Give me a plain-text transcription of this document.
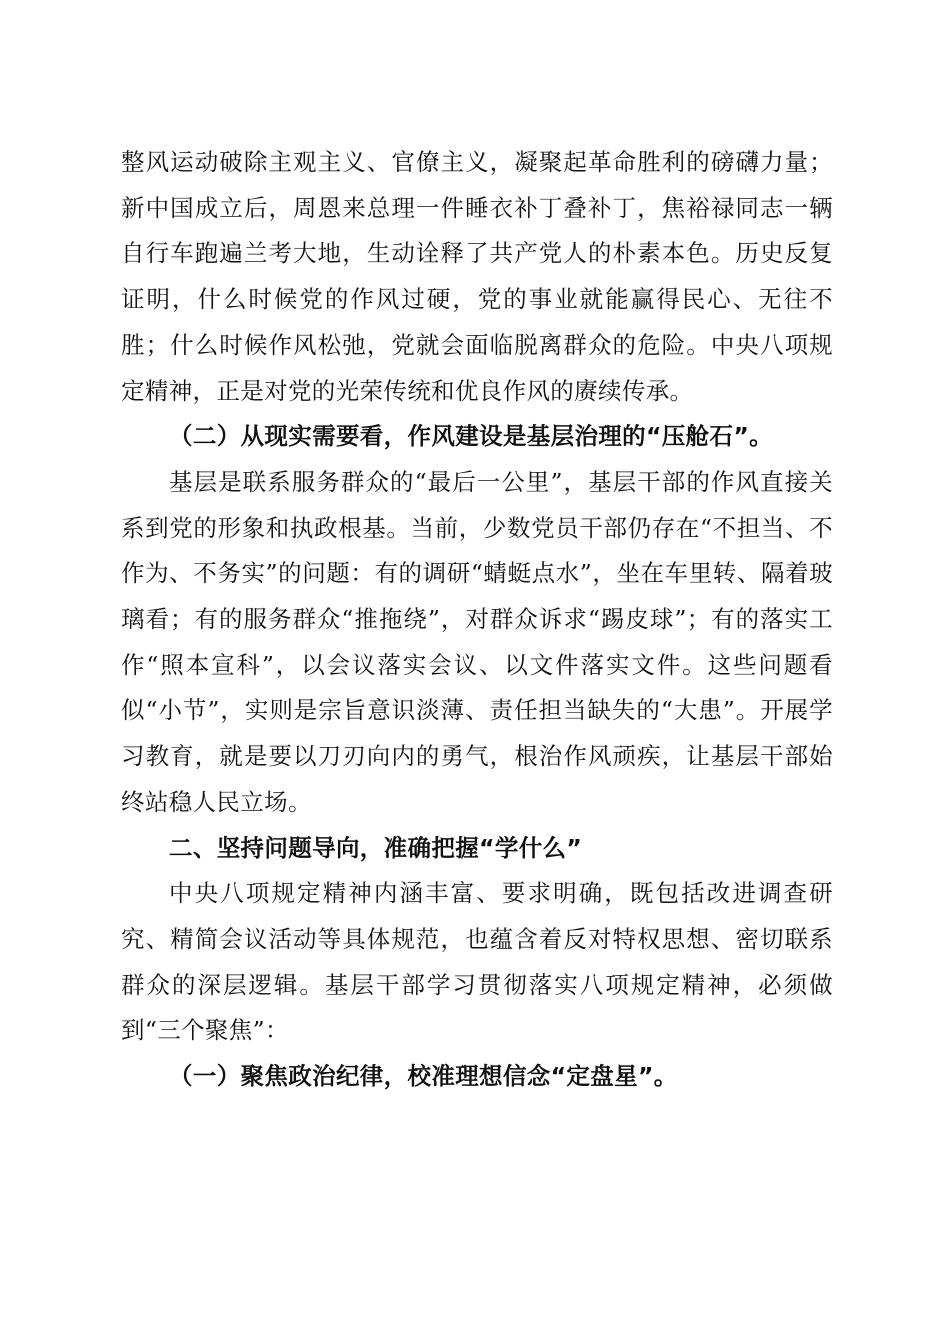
整风运动破除主观主义、官僚主义，凝聚起革命胜利的磅礴力量；新中国成立后，周恩来总理一件睡衣补丁叠补丁，焦裕禄同志一辆自行车跑遍兰考大地，生动诠释了共产党人的朴素本色。历史反复证明，什么时候党的作风过硬，党的事业就能赢得民心、无往不胜；什么时候作风松弛，党就会面临脱离群众的危险。中央八项规定精神，正是对党的光荣传统和优良作风的赓续传承。

（二）从现实需要看，作风建设是基层治理的“压舱石”。

基层是联系服务群众的“最后一公里”，基层干部的作风直接关系到党的形象和执政根基。当前，少数党员干部仍存在“不担当、不作为、不务实”的问题：有的调研“蜻蜓点水”，坐在车里转、隔着玻璃看；有的服务群众“推拖绕”，对群众诉求“踢皮球”；有的落实工作“照本宣科”，以会议落实会议、以文件落实文件。这些问题看似“小节”，实则是宗旨意识淡薄、责任担当缺失的“大患”。开展学习教育，就是要以刀刃向内的勇气，根治作风顽疾，让基层干部始终站稳人民立场。

二、坚持问题导向，准确把握“学什么”

中央八项规定精神内涵丰富、要求明确，既包括改进调查研究、精简会议活动等具体规范，也蕴含着反对特权思想、密切联系群众的深层逻辑。基层干部学习贯彻落实八项规定精神，必须做到“三个聚焦”：

（一）聚焦政治纪律，校准理想信念“定盘星”。
